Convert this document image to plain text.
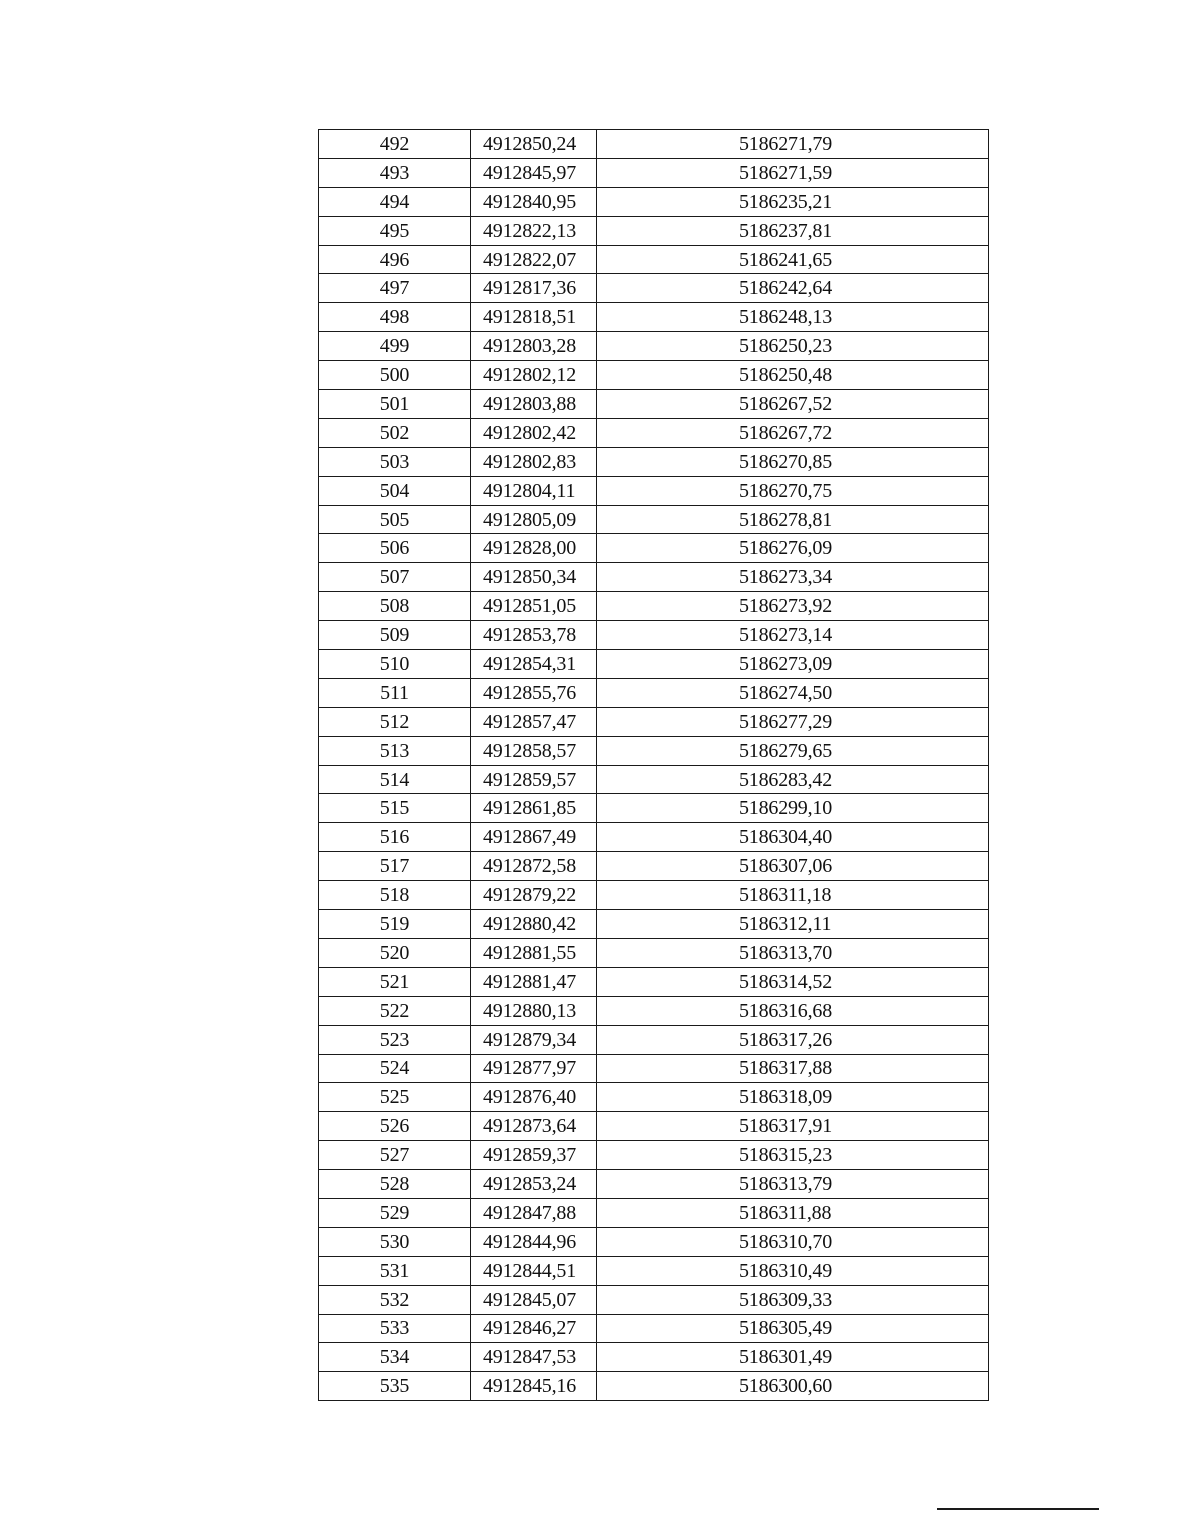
492	4912850,24	5186271,79
493	4912845,97	5186271,59
494	4912840,95	5186235,21
495	4912822,13	5186237,81
496	4912822,07	5186241,65
497	4912817,36	5186242,64
498	4912818,51	5186248,13
499	4912803,28	5186250,23
500	4912802,12	5186250,48
501	4912803,88	5186267,52
502	4912802,42	5186267,72
503	4912802,83	5186270,85
504	4912804,11	5186270,75
505	4912805,09	5186278,81
506	4912828,00	5186276,09
507	4912850,34	5186273,34
508	4912851,05	5186273,92
509	4912853,78	5186273,14
510	4912854,31	5186273,09
511	4912855,76	5186274,50
512	4912857,47	5186277,29
513	4912858,57	5186279,65
514	4912859,57	5186283,42
515	4912861,85	5186299,10
516	4912867,49	5186304,40
517	4912872,58	5186307,06
518	4912879,22	5186311,18
519	4912880,42	5186312,11
520	4912881,55	5186313,70
521	4912881,47	5186314,52
522	4912880,13	5186316,68
523	4912879,34	5186317,26
524	4912877,97	5186317,88
525	4912876,40	5186318,09
526	4912873,64	5186317,91
527	4912859,37	5186315,23
528	4912853,24	5186313,79
529	4912847,88	5186311,88
530	4912844,96	5186310,70
531	4912844,51	5186310,49
532	4912845,07	5186309,33
533	4912846,27	5186305,49
534	4912847,53	5186301,49
535	4912845,16	5186300,60
